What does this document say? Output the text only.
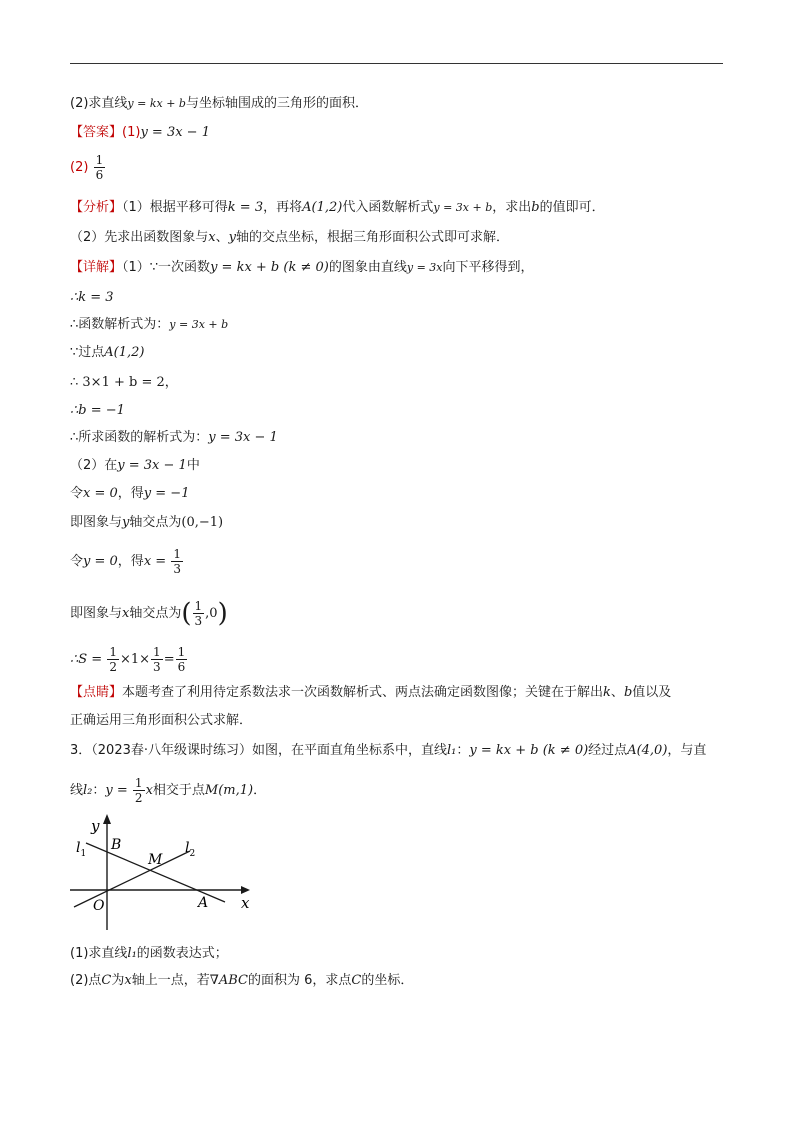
(2)求直线y = kx + b与坐标轴围成的三角形的面积．
【答案】(1)y = 3x − 1
$(2) \frac{1}{6}$
【分析】（1）根据平移可得k = 3，再将A(1,2)代入函数解析式y = 3x + b，求出b的值即可．
（2）先求出函数图象与x、y轴的交点坐标，根据三角形面积公式即可求解．
【详解】（1）∵一次函数y = kx + b (k ≠ 0)的图象由直线y = 3x向下平移得到，
∴k = 3
∴函数解析式为：y = 3x + b
∵过点A(1,2)
∴ 3×1 + b = 2，
∴b = −1
∴所求函数的解析式为：y = 3x − 1
（2）在y = 3x − 1中
令x = 0，得y = −1
即图象与y轴交点为(0,−1)
令y = 0，得$x = \frac{1}{3}$
即图象与x轴交点为( $\frac{1}{3} ,0$)
∴S = $\frac{1}{2} \times 1\times \frac{1}{3} = \frac{1}{6}$
【点睛】本题考查了利用待定系数法求一次函数解析式、两点法确定函数图像；关键在于解出k、b值以及
正确运用三角形面积公式求解．
3．（2023春·八年级课时练习）如图，在平面直角坐标系中，直线l₁：y = kx + b (k ≠ 0)经过点A(4,0)，与直
线l₂：$y = \frac{1}{2}$ x相交于点M(m,1)．
y
x
B
M
O	A
$l_1$	$l_2$
(1)求直线l₁的函数表达式；
(2)点C为x轴上一点，若∇ABC的面积为 6，求点C的坐标．
